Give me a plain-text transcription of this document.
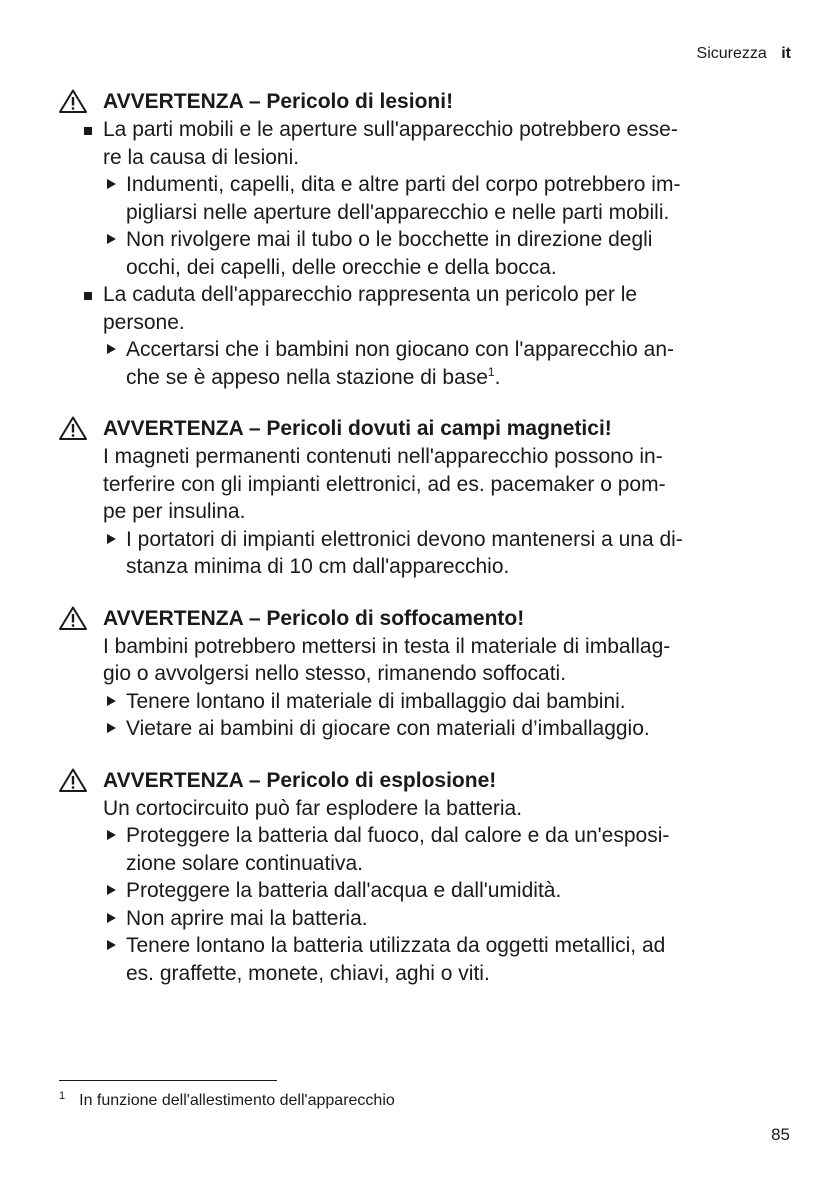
Sicurezza it
AVVERTENZA – Pericolo di lesioni!
La parti mobili e le aperture sull'apparecchio potrebbero esse-
re la causa di lesioni.
Indumenti, capelli, dita e altre parti del corpo potrebbero im-
pigliarsi nelle aperture dell'apparecchio e nelle parti mobili.
Non rivolgere mai il tubo o le bocchette in direzione degli
occhi, dei capelli, delle orecchie e della bocca.
La caduta dell'apparecchio rappresenta un pericolo per le
persone.
Accertarsi che i bambini non giocano con l'apparecchio an-
che se è appeso nella stazione di base$^1$.
AVVERTENZA – Pericoli dovuti ai campi magnetici!
I magneti permanenti contenuti nell'apparecchio possono in-
terferire con gli impianti elettronici, ad es. pacemaker o pom-
pe per insulina.
I portatori di impianti elettronici devono mantenersi a una di-
stanza minima di 10 cm dall'apparecchio.
AVVERTENZA – Pericolo di soffocamento!
I bambini potrebbero mettersi in testa il materiale di imballag-
gio o avvolgersi nello stesso, rimanendo soffocati.
Tenere lontano il materiale di imballaggio dai bambini.
Vietare ai bambini di giocare con materiali d’imballaggio.
AVVERTENZA – Pericolo di esplosione!
Un cortocircuito può far esplodere la batteria.
Proteggere la batteria dal fuoco, dal calore e da un'esposi-
zione solare continuativa.
Proteggere la batteria dall'acqua e dall'umidità.
Non aprire mai la batteria.
Tenere lontano la batteria utilizzata da oggetti metallici, ad
es. graffette, monete, chiavi, aghi o viti.
$^1$ In funzione dell'allestimento dell'apparecchio
85
